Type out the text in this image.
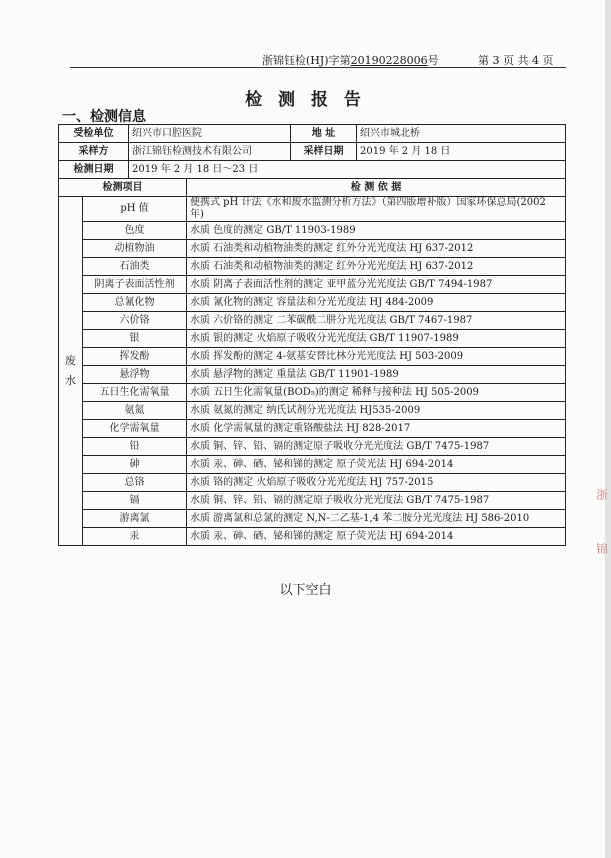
浙锦钰检(HJ)字第20190228006号	第 3 页 共 4 页
检 测 报 告
一、检测信息
受检单位		绍兴市口腔医院		地 址	绍兴市城北桥
采样方		浙江锦钰检测技术有限公司		采样日期	2019 年 2 月 18 日
检测日期		2019 年 2 月 18 日～23 日			
检测项目			检 测 依 据		
废
水	pH 值		便携式 pH 计法《水和废水监测分析方法》（第四版增补版）国家环保总局(2002 年)		
	色度		水质 色度的测定 GB/T 11903-1989		
	动植物油		水质 石油类和动植物油类的测定 红外分光光度法 HJ 637-2012		
	石油类		水质 石油类和动植物油类的测定 红外分光光度法 HJ 637-2012		
	阴离子表面活性剂		水质 阴离子表面活性剂的测定 亚甲蓝分光光度法 GB/T 7494-1987		
	总氰化物		水质 氰化物的测定 容量法和分光光度法 HJ 484-2009		
	六价铬		水质 六价铬的测定 二苯碳酰二肼分光光度法 GB/T 7467-1987		
	银		水质 银的测定 火焰原子吸收分光光度法 GB/T 11907-1989		
	挥发酚		水质 挥发酚的测定 4-氨基安替比林分光光度法 HJ 503-2009		
	悬浮物		水质 悬浮物的测定 重量法 GB/T 11901-1989		
	五日生化需氧量		水质 五日生化需氧量(BOD₅)的测定 稀释与接种法 HJ 505-2009		
	氨氮		水质 氨氮的测定 纳氏试剂分光光度法 HJ535-2009		
	化学需氧量		水质 化学需氧量的测定重铬酸盐法 HJ 828-2017		
	铅		水质 铜、锌、铅、镉的测定原子吸收分光光度法 GB/T 7475-1987		
	砷		水质 汞、砷、硒、铋和锑的测定 原子荧光法 HJ 694-2014		
	总铬		水质 铬的测定 火焰原子吸收分光光度法 HJ 757-2015		
	镉		水质 铜、锌、铅、镉的测定原子吸收分光光度法 GB/T 7475-1987		
	游离氯		水质 游离氯和总氯的测定 N,N-二乙基-1,4 苯二胺分光光度法 HJ 586-2010		
	汞		水质 汞、砷、硒、铋和锑的测定 原子荧光法 HJ 694-2014		
以下空白
浙
锦
